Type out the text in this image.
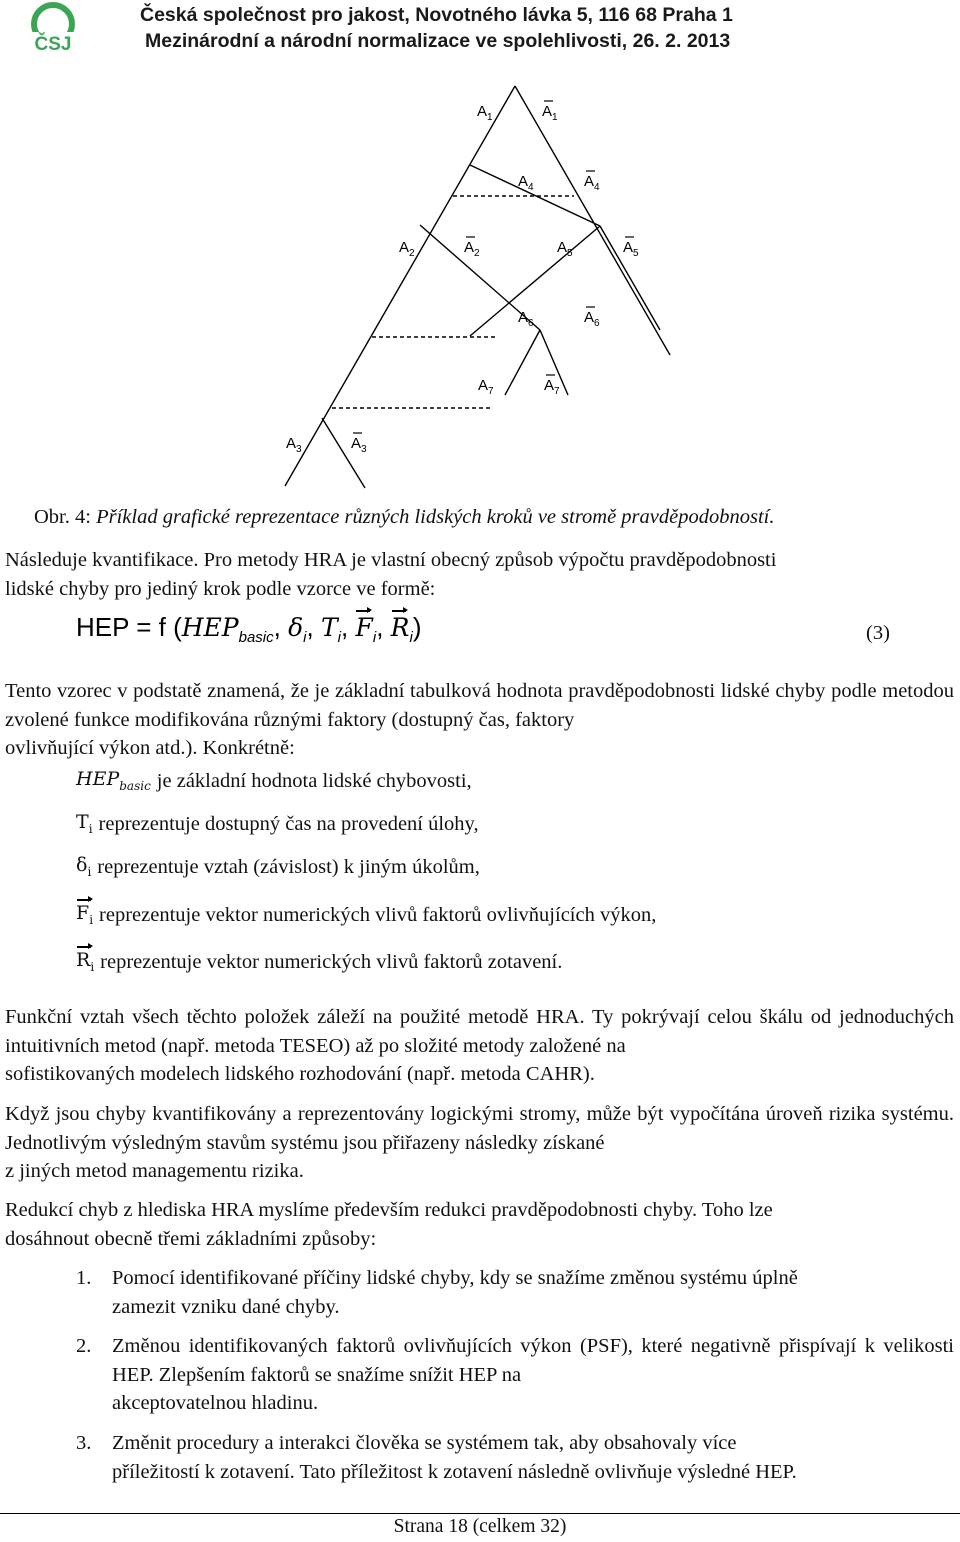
ČSJ
Česká společnost pro jakost, Novotného lávka 5, 116 68 Praha 1
Mezinárodní a národní normalizace ve spolehlivosti, 26. 2. 2013
$A_1$	$A_1$
$A_4$	$A_4$
$A_2$	$A_2$	$A_5$	$A_5$
$A_6$	$A_6$
$A_7$	$A_7$
$A_3$	$A_3$
Obr. 4: Příklad grafické reprezentace různých lidských kroků ve stromě pravděpodobností.
Následuje kvantifikace. Pro metody HRA je vlastní obecný způsob výpočtu pravděpodobnosti
lidské chyby pro jediný krok podle vzorce ve formě:
HEP = f ($HEP_{basic}$, $\delta_i$, $T_i$, $F_i$, $R_i$)	(3)
Tento vzorec v podstatě znamená, že je základní tabulková hodnota pravděpodobnosti lidské chyby podle metodou zvolené funkce modifikována různými faktory (dostupný čas, faktory
ovlivňující výkon atd.). Konkrétně:
$HEP_{basic}$ je základní hodnota lidské chybovosti,
$T_i$ reprezentuje dostupný čas na provedení úlohy,
$\delta_i$ reprezentuje vztah (závislost) k jiným úkolům,
$F_i$ reprezentuje vektor numerických vlivů faktorů ovlivňujících výkon,
$R_i$ reprezentuje vektor numerických vlivů faktorů zotavení.
Funkční vztah všech těchto položek záleží na použité metodě HRA. Ty pokrývají celou škálu od jednoduchých intuitivních metod (např. metoda TESEO) až po složité metody založené na
sofistikovaných modelech lidského rozhodování (např. metoda CAHR).
Když jsou chyby kvantifikovány a reprezentovány logickými stromy, může být vypočítána úroveň rizika systému. Jednotlivým výsledným stavům systému jsou přiřazeny následky získané
z jiných metod managementu rizika.
Redukcí chyb z hlediska HRA myslíme především redukci pravděpodobnosti chyby. Toho lze
dosáhnout obecně třemi základními způsoby:
1. Pomocí identifikované příčiny lidské chyby, kdy se snažíme změnou systému úplně
zamezit vzniku dané chyby.
2. Změnou identifikovaných faktorů ovlivňujících výkon (PSF), které negativně přispívají k velikosti HEP. Zlepšením faktorů se snažíme snížit HEP na
akceptovatelnou hladinu.
3. Změnit procedury a interakci člověka se systémem tak, aby obsahovaly více
příležitostí k zotavení. Tato příležitost k zotavení následně ovlivňuje výsledné HEP.
Strana 18 (celkem 32)
